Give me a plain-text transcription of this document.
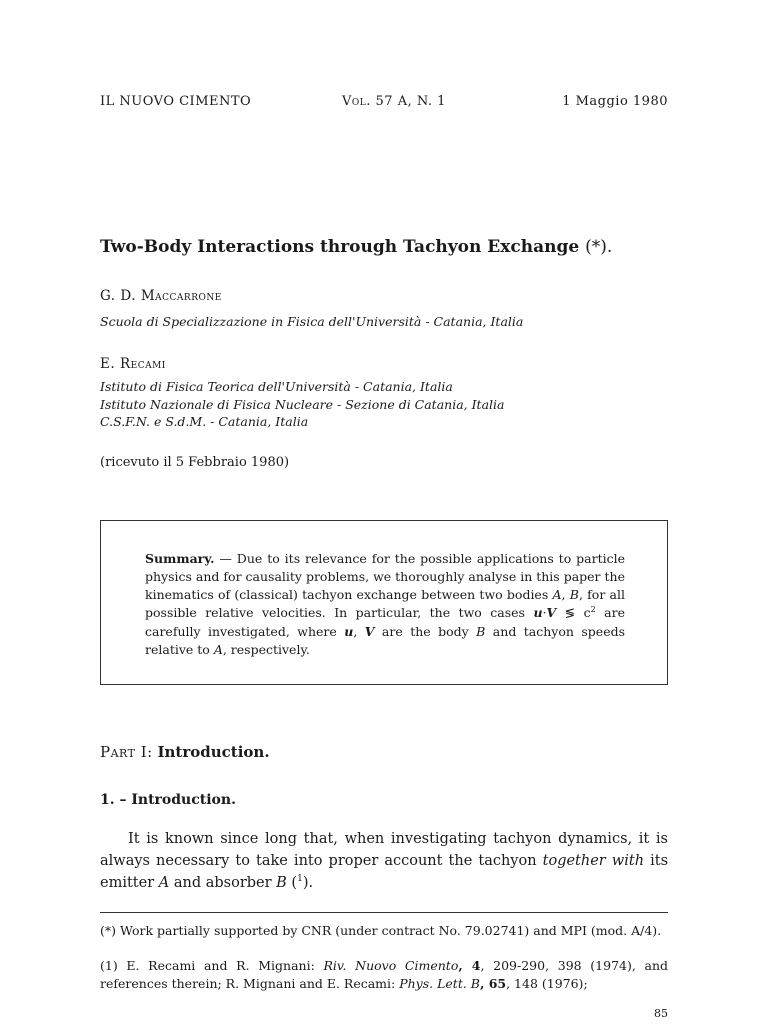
IL NUOVO CIMENTO	Vol. 57 A, N. 1	1 Maggio 1980
Two-Body Interactions through Tachyon Exchange (*).
G. D. Maccarrone
Scuola di Specializzazione in Fisica dell'Università - Catania, Italia
E. Recami
Istituto di Fisica Teorica dell'Università - Catania, Italia
Istituto Nazionale di Fisica Nucleare - Sezione di Catania, Italia
C.S.F.N. e S.d.M. - Catania, Italia
(ricevuto il 5 Febbraio 1980)
Summary. — Due to its relevance for the possible applications to particle physics and for causality problems, we thoroughly analyse in this paper the kinematics of (classical) tachyon exchange between two bodies A, B, for all possible relative velocities. In particular, the two cases u·V ≶ $c^2$ are carefully investigated, where u, V are the body B and tachyon speeds relative to A, respectively.
Part I: Introduction.
1. – Introduction.

It is known since long that, when investigating tachyon dynamics, it is always necessary to take into proper account the tachyon together with its emitter A and absorber B ($^1$).

(*) Work partially supported by CNR (under contract No. 79.02741) and MPI (mod. A/4).
(1) E. Recami and R. Mignani: Riv. Nuovo Cimento, 4, 209-290, 398 (1974), and references therein; R. Mignani and E. Recami: Phys. Lett. B, 65, 148 (1976);
85
